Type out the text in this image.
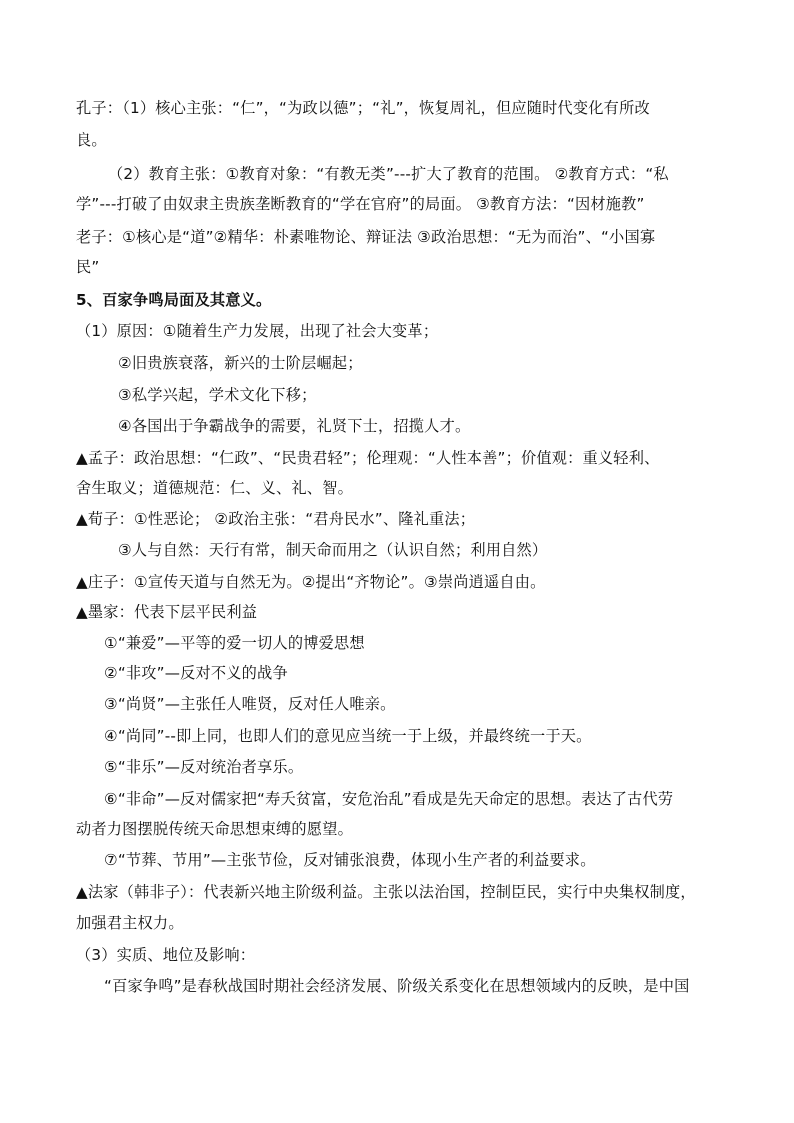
孔子：（1）核心主张：“仁”，“为政以德”；“礼”，恢复周礼，但应随时代变化有所改
良。
（2）教育主张：①教育对象：“有教无类”---扩大了教育的范围。 ②教育方式：“私
学”---打破了由奴隶主贵族垄断教育的“学在官府”的局面。 ③教育方法：“因材施教”
老子：①核心是“道”②精华：朴素唯物论、辩证法 ③政治思想：“无为而治”、“小国寡
民”
5、百家争鸣局面及其意义。
（1）原因：①随着生产力发展，出现了社会大变革；
②旧贵族衰落，新兴的士阶层崛起；
③私学兴起，学术文化下移；
④各国出于争霸战争的需要，礼贤下士，招揽人才。
▲孟子：政治思想：“仁政”、“民贵君轻”；伦理观：“人性本善”；价值观：重义轻利、
舍生取义；道德规范：仁、义、礼、智。
▲荀子：①性恶论； ②政治主张：“君舟民水”、隆礼重法；
③人与自然：天行有常，制天命而用之（认识自然；利用自然）
▲庄子：①宣传天道与自然无为。②提出“齐物论”。③崇尚逍遥自由。
▲墨家：代表下层平民利益
①“兼爱”—平等的爱一切人的博爱思想
②“非攻”—反对不义的战争
③“尚贤”—主张任人唯贤，反对任人唯亲。
④“尚同”--即上同，也即人们的意见应当统一于上级，并最终统一于天。
⑤“非乐”—反对统治者享乐。
⑥“非命”—反对儒家把“寿夭贫富，安危治乱”看成是先天命定的思想。表达了古代劳
动者力图摆脱传统天命思想束缚的愿望。
⑦“节葬、节用”—主张节俭，反对铺张浪费，体现小生产者的利益要求。
▲法家（韩非子）：代表新兴地主阶级利益。主张以法治国，控制臣民，实行中央集权制度，
加强君主权力。
（3）实质、地位及影响：
“百家争鸣”是春秋战国时期社会经济发展、阶级关系变化在思想领域内的反映，是中国
